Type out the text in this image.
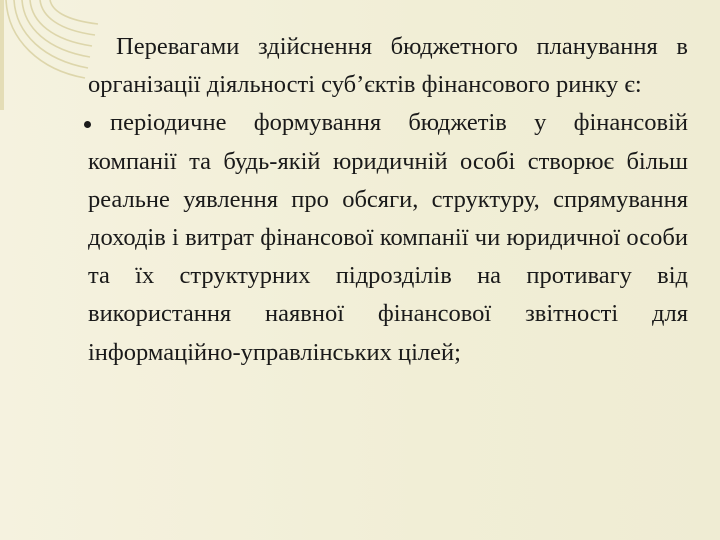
Перевагами здійснення бюджетного планування в організації діяльності суб’єктів фінансового ринку є:

періодичне формування бюджетів у фінансовій компанії та будь-якій юридичній особі створює більш реальне уявлення про обсяги, структуру, спрямування доходів і витрат фінансової компанії чи юридичної особи та їх структурних підрозділів на противагу від використання наявної фінансової звітності для інформаційно-управлінських цілей;
